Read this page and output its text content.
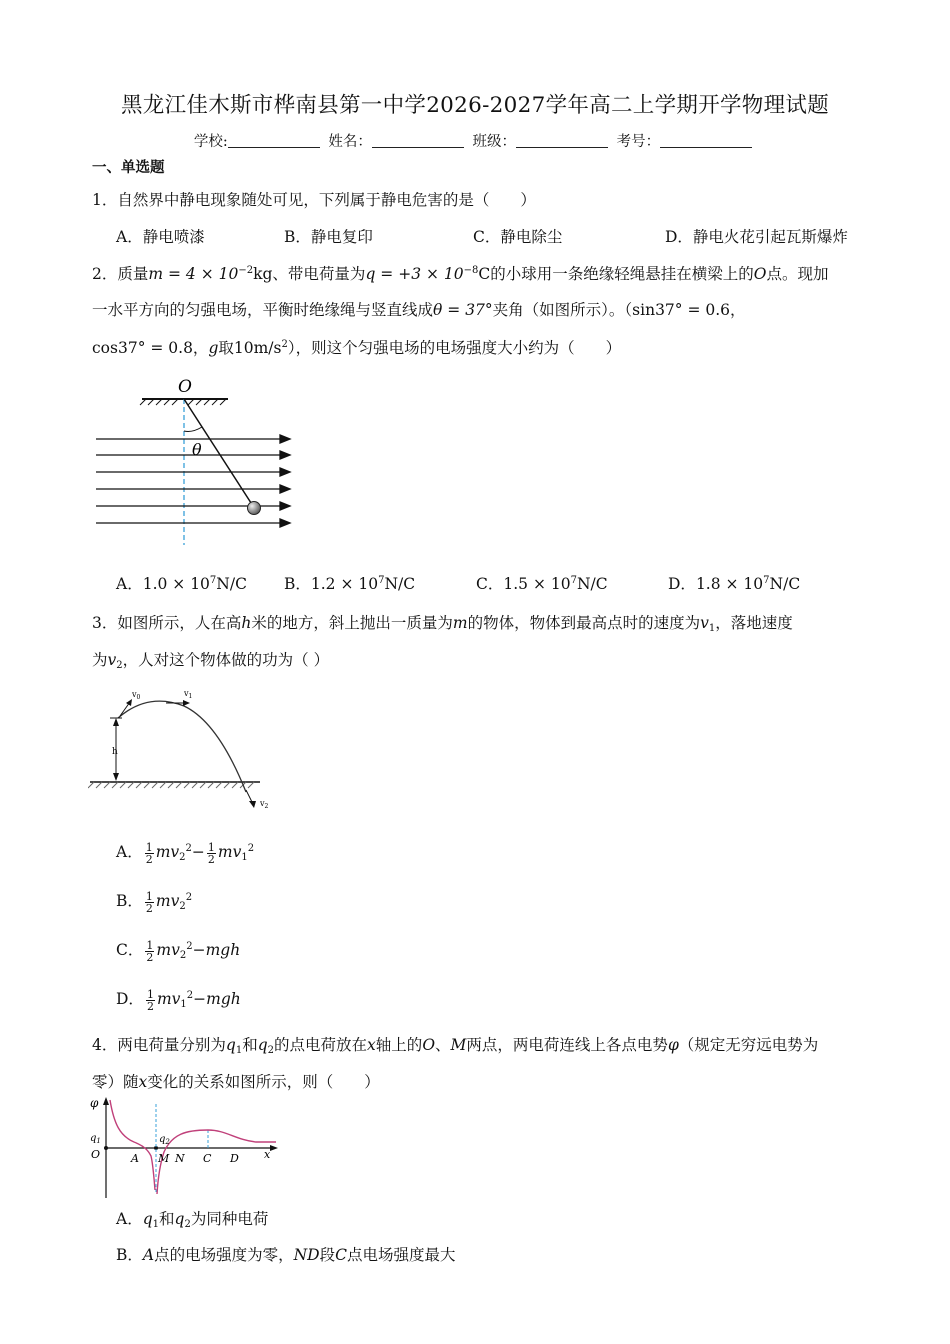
黑龙江佳木斯市桦南县第一中学2026-2027学年高二上学期开学物理试题
学校:	姓名：	班级：	考号：
一、单选题
1．自然界中静电现象随处可见，下列属于静电危害的是（　　）
A．静电喷漆	B．静电复印	C．静电除尘	D．静电火花引起瓦斯爆炸
2．质量$m = 4 \times 10^{-2}kg$、带电荷量为$q = +3 \times 10^{-8}C$的小球用一条绝缘轻绳悬挂在横梁上的O点。现加
一水平方向的匀强电场，平衡时绝缘绳与竖直线成θ = 37°夹角（如图所示）。（sin37° = 0.6，
cos37° = 0.8，g取$10m/s^2$），则这个匀强电场的电场强度大小约为（　　）
O
θ
A．$1.0 \times 10^7N/C$ B．$1.2 \times 10^7N/C$	C．$1.5 \times 10^7N/C$	D．$1.8 \times 10^7N/C$
3．如图所示，人在高h米的地方，斜上抛出一质量为m的物体，物体到最高点时的速度为$v_1$，落地速度
为$v_2$，人对这个物体做的功为（ ）
h
$v_0$	$v_1$
$v_2$
A． $\frac{1}{2} mv_2^2- \frac{1}{2} mv_1^2$
B． $\frac{1}{2} mv_2^2$
C． $\frac{1}{2} mv_2^2-mgh$
D． $\frac{1}{2} mv_1^2-mgh$
4．两电荷量分别为$q_1$和$q_2$的点电荷放在x轴上的O、M两点，两电荷连线上各点电势φ（规定无穷远电势为
零）随x变化的关系如图所示，则（　　）
φ
$q_1$
O	A
$q_2$
M N C D x
A．$q_1$和$q_2$为同种电荷
B．A点的电场强度为零，ND段C点电场强度最大
